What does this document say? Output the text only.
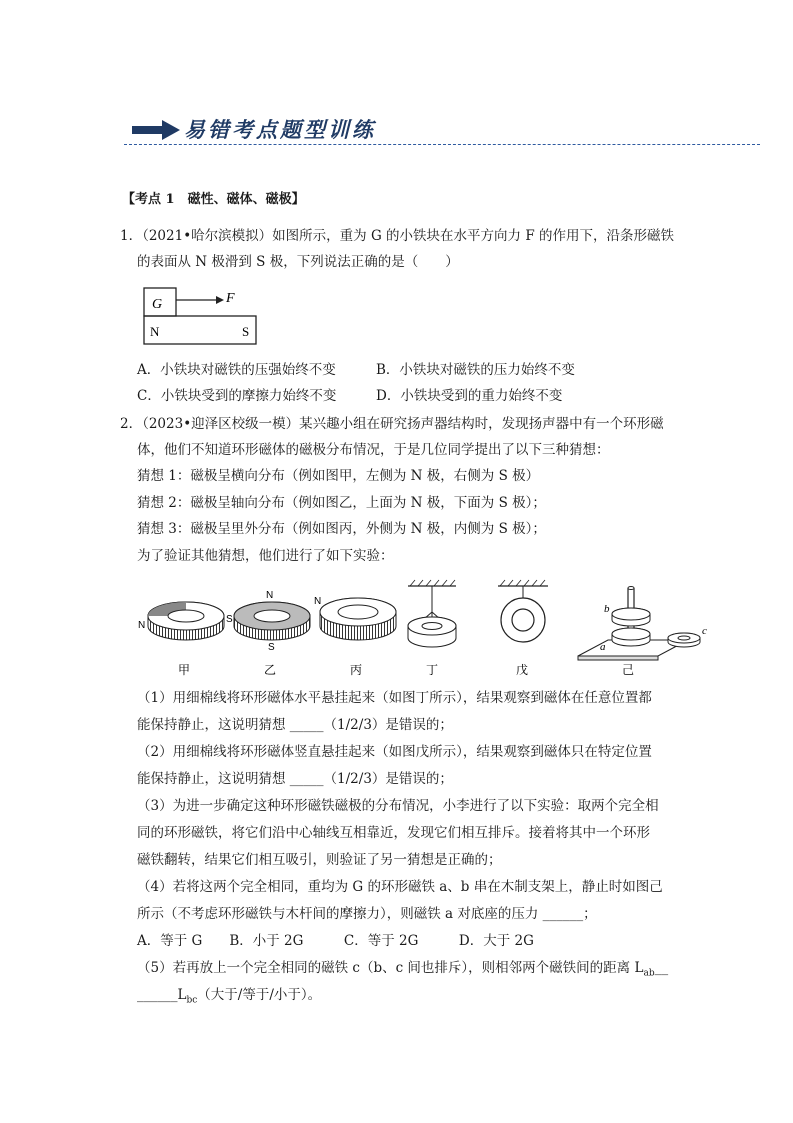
易错考点题型训练
【考点 1　磁性、磁体、磁极】
1．（2021•哈尔滨模拟）如图所示，重为 G 的小铁块在水平方向力 F 的作用下，沿条形磁铁
的表面从 N 极滑到 S 极，下列说法正确的是（　　）
G	F
N	S
A．小铁块对磁铁的压强始终不变	B．小铁块对磁铁的压力始终不变
C．小铁块受到的摩擦力始终不变	D．小铁块受到的重力始终不变
2．（2023•迎泽区校级一模）某兴趣小组在研究扬声器结构时，发现扬声器中有一个环形磁
体，他们不知道环形磁体的磁极分布情况，于是几位同学提出了以下三种猜想：
猜想 1：磁极呈横向分布（例如图甲，左侧为 N 极，右侧为 S 极）
猜想 2：磁极呈轴向分布（例如图乙，上面为 N 极，下面为 S 极）；
猜想 3：磁极呈里外分布（例如图丙，外侧为 N 极，内侧为 S 极）；
为了验证其他猜想，他们进行了如下实验：
N
S
甲
N
S
乙
N
丙	丁	戊
b
a
c
己
（1）用细棉线将环形磁体水平悬挂起来（如图丁所示），结果观察到磁体在任意位置都
能保持静止，这说明猜想 _____（1/2/3）是错误的；
（2）用细棉线将环形磁体竖直悬挂起来（如图戊所示），结果观察到磁体只在特定位置
能保持静止，这说明猜想 _____（1/2/3）是错误的；
（3）为进一步确定这种环形磁铁磁极的分布情况，小李进行了以下实验：取两个完全相
同的环形磁铁，将它们沿中心轴线互相靠近，发现它们相互排斥。接着将其中一个环形
磁铁翻转，结果它们相互吸引，则验证了另一猜想是正确的；
（4）若将这两个完全相同，重均为 G 的环形磁铁 a、b 串在木制支架上，静止时如图己
所示（不考虑环形磁铁与木杆间的摩擦力），则磁铁 a 对底座的压力 ______；
A．等于 G　　B．小于 2G　　　C．等于 2G　　　D．大于 2G
（5）若再放上一个完全相同的磁铁 c（b、c 间也排斥），则相邻两个磁铁间的距离 $L_{ab}\_\_$
$\_\_\_\_\_\_L_{bc}$（大于/等于/小于）。
